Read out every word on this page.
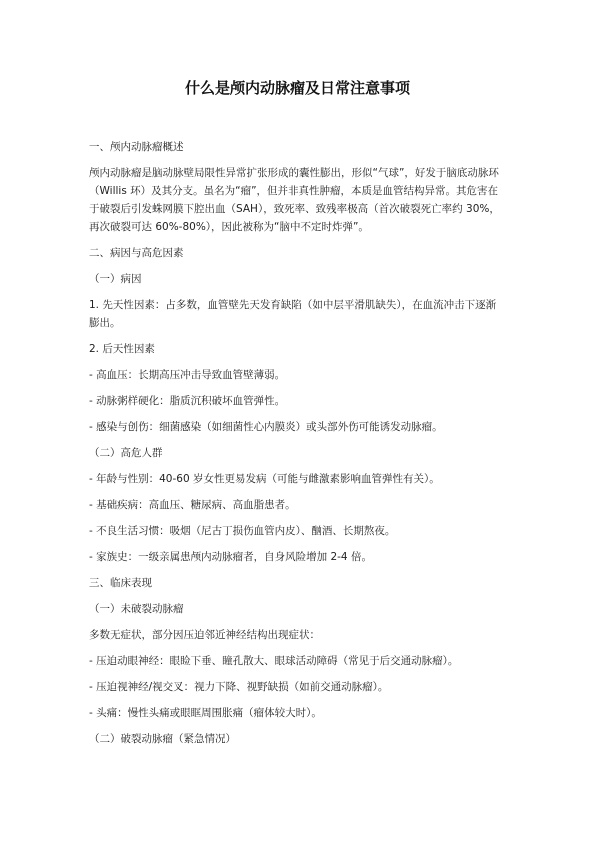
什么是颅内动脉瘤及日常注意事项

一、颅内动脉瘤概述

颅内动脉瘤是脑动脉壁局限性异常扩张形成的囊性膨出，形似“气球”，好发于脑底动脉环（Willis 环）及其分支。虽名为“瘤”，但并非真性肿瘤，本质是血管结构异常。其危害在于破裂后引发蛛网膜下腔出血（SAH），致死率、致残率极高（首次破裂死亡率约 30%，再次破裂可达 60%-80%），因此被称为“脑中不定时炸弹”。

二、病因与高危因素

（一）病因

1. 先天性因素：占多数，血管壁先天发育缺陷（如中层平滑肌缺失），在血流冲击下逐渐膨出。

2. 后天性因素

- 高血压：长期高压冲击导致血管壁薄弱。

- 动脉粥样硬化：脂质沉积破坏血管弹性。

- 感染与创伤：细菌感染（如细菌性心内膜炎）或头部外伤可能诱发动脉瘤。

（二）高危人群

- 年龄与性别：40-60 岁女性更易发病（可能与雌激素影响血管弹性有关）。

- 基础疾病：高血压、糖尿病、高血脂患者。

- 不良生活习惯：吸烟（尼古丁损伤血管内皮）、酗酒、长期熬夜。

- 家族史：一级亲属患颅内动脉瘤者，自身风险增加 2-4 倍。

三、临床表现

（一）未破裂动脉瘤

多数无症状，部分因压迫邻近神经结构出现症状：

- 压迫动眼神经：眼睑下垂、瞳孔散大、眼球活动障碍（常见于后交通动脉瘤）。

- 压迫视神经/视交叉：视力下降、视野缺损（如前交通动脉瘤）。

- 头痛：慢性头痛或眼眶周围胀痛（瘤体较大时）。

（二）破裂动脉瘤（紧急情况）
